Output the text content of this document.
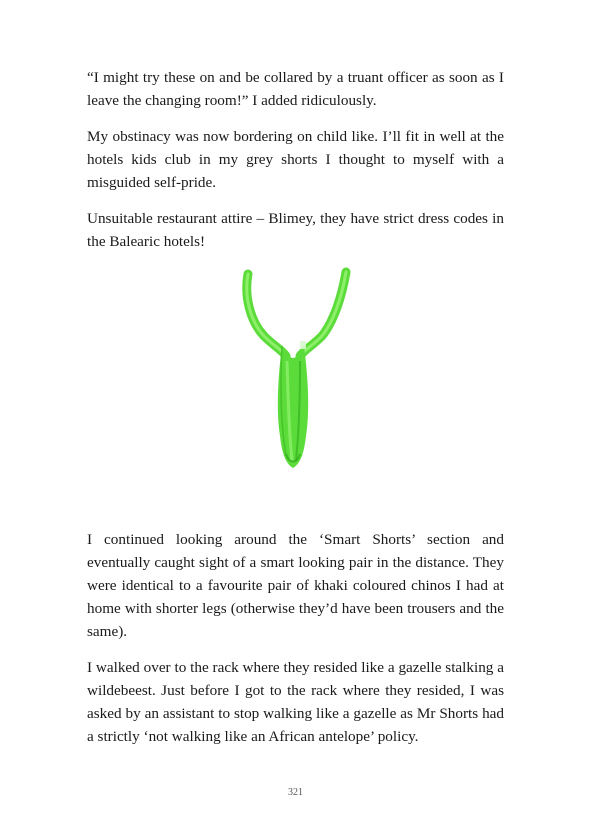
“I might try these on and be collared by a truant officer as soon as I leave the changing room!” I added ridiculously.

My obstinacy was now bordering on child like. I’ll fit in well at the hotels kids club in my grey shorts I thought to myself with a misguided self-pride.

Unsuitable restaurant attire – Blimey, they have strict dress codes in the Balearic hotels!

I continued looking around the ‘Smart Shorts’ section and eventually caught sight of a smart looking pair in the distance. They were identical to a favourite pair of khaki coloured chinos I had at home with shorter legs (otherwise they’d have been trousers and the same).

I walked over to the rack where they resided like a gazelle stalking a wildebeest. Just before I got to the rack where they resided, I was asked by an assistant to stop walking like a gazelle as Mr Shorts had a strictly ‘not walking like an African antelope’ policy.

321
